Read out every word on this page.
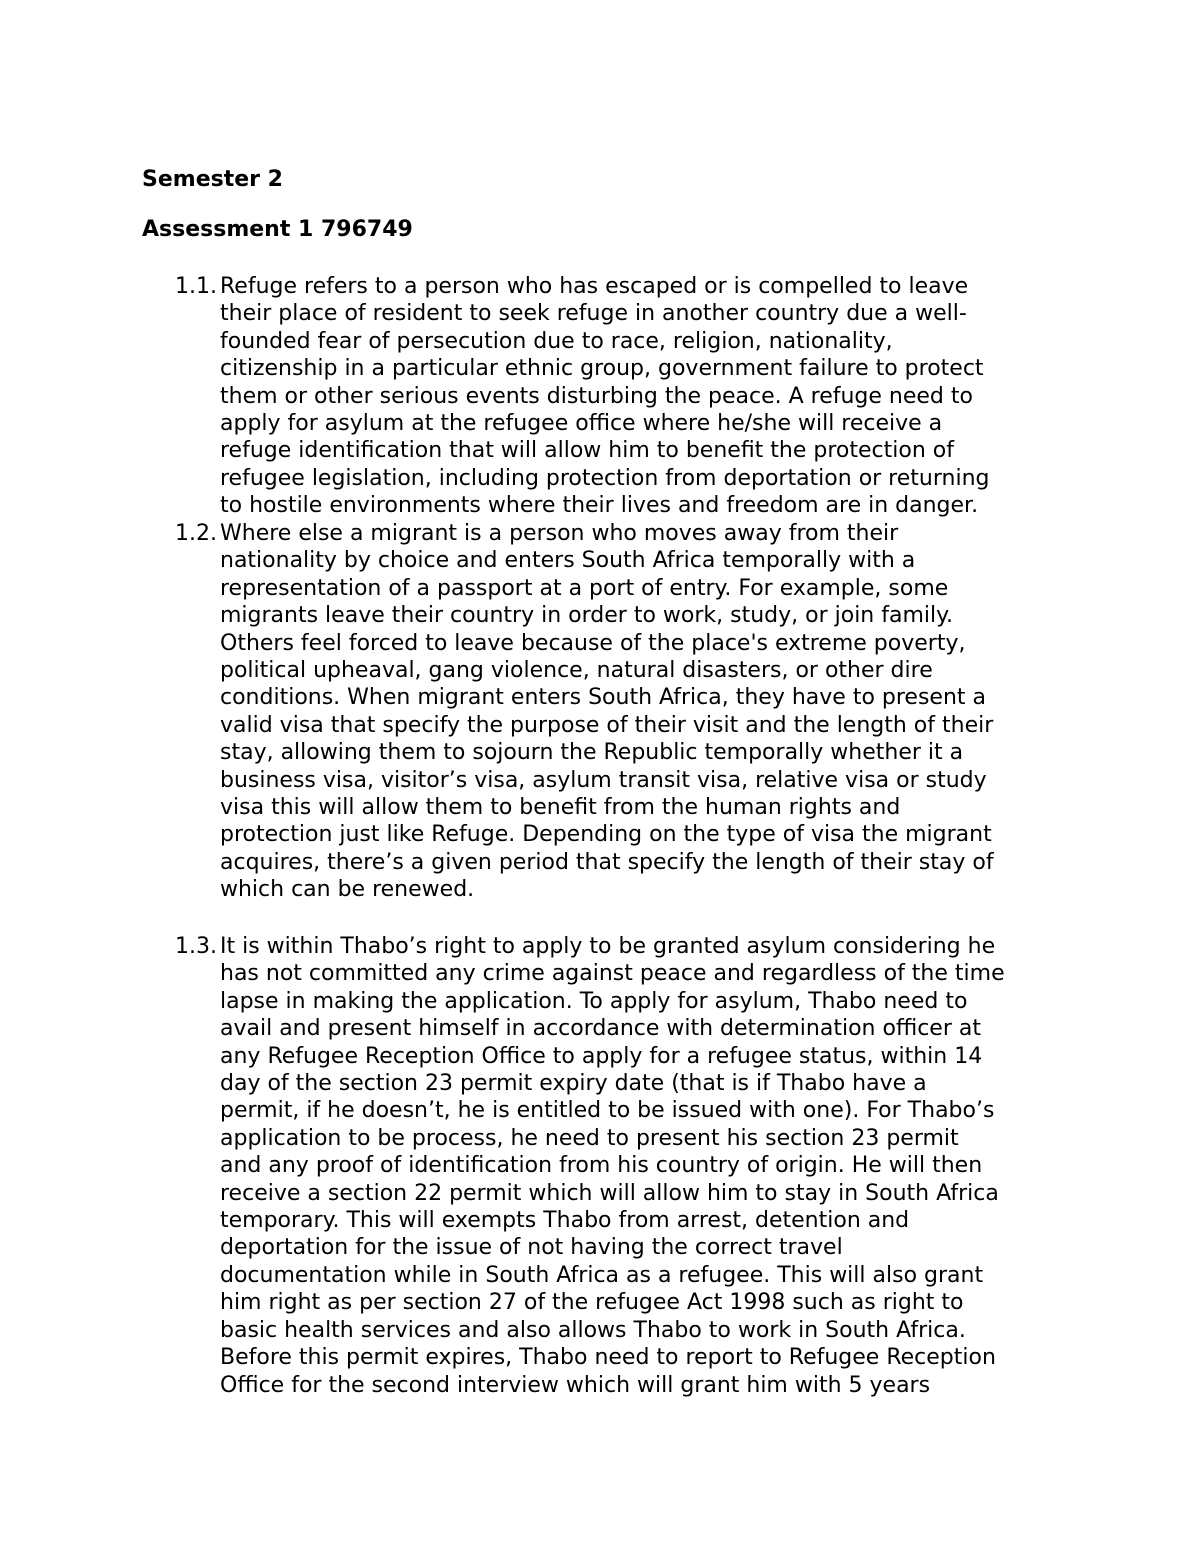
Semester 2
Assessment 1 796749
1.1. Refuge refers to a person who has escaped or is compelled to leave
their place of resident to seek refuge in another country due a well-
founded fear of persecution due to race, religion, nationality,
citizenship in a particular ethnic group, government failure to protect
them or other serious events disturbing the peace. A refuge need to
apply for asylum at the refugee office where he/she will receive a
refuge identification that will allow him to benefit the protection of
refugee legislation, including protection from deportation or returning
to hostile environments where their lives and freedom are in danger.

1.2. Where else a migrant is a person who moves away from their
nationality by choice and enters South Africa temporally with a
representation of a passport at a port of entry. For example, some
migrants leave their country in order to work, study, or join family.
Others feel forced to leave because of the place's extreme poverty,
political upheaval, gang violence, natural disasters, or other dire
conditions. When migrant enters South Africa, they have to present a
valid visa that specify the purpose of their visit and the length of their
stay, allowing them to sojourn the Republic temporally whether it a
business visa, visitor’s visa, asylum transit visa, relative visa or study
visa this will allow them to benefit from the human rights and
protection just like Refuge. Depending on the type of visa the migrant
acquires, there’s a given period that specify the length of their stay of
which can be renewed.

1.3. It is within Thabo’s right to apply to be granted asylum considering he
has not committed any crime against peace and regardless of the time
lapse in making the application. To apply for asylum, Thabo need to
avail and present himself in accordance with determination officer at
any Refugee Reception Office to apply for a refugee status, within 14
day of the section 23 permit expiry date (that is if Thabo have a
permit, if he doesn’t, he is entitled to be issued with one). For Thabo’s
application to be process, he need to present his section 23 permit
and any proof of identification from his country of origin. He will then
receive a section 22 permit which will allow him to stay in South Africa
temporary. This will exempts Thabo from arrest, detention and
deportation for the issue of not having the correct travel
documentation while in South Africa as a refugee. This will also grant
him right as per section 27 of the refugee Act 1998 such as right to
basic health services and also allows Thabo to work in South Africa.
Before this permit expires, Thabo need to report to Refugee Reception
Office for the second interview which will grant him with 5 years
